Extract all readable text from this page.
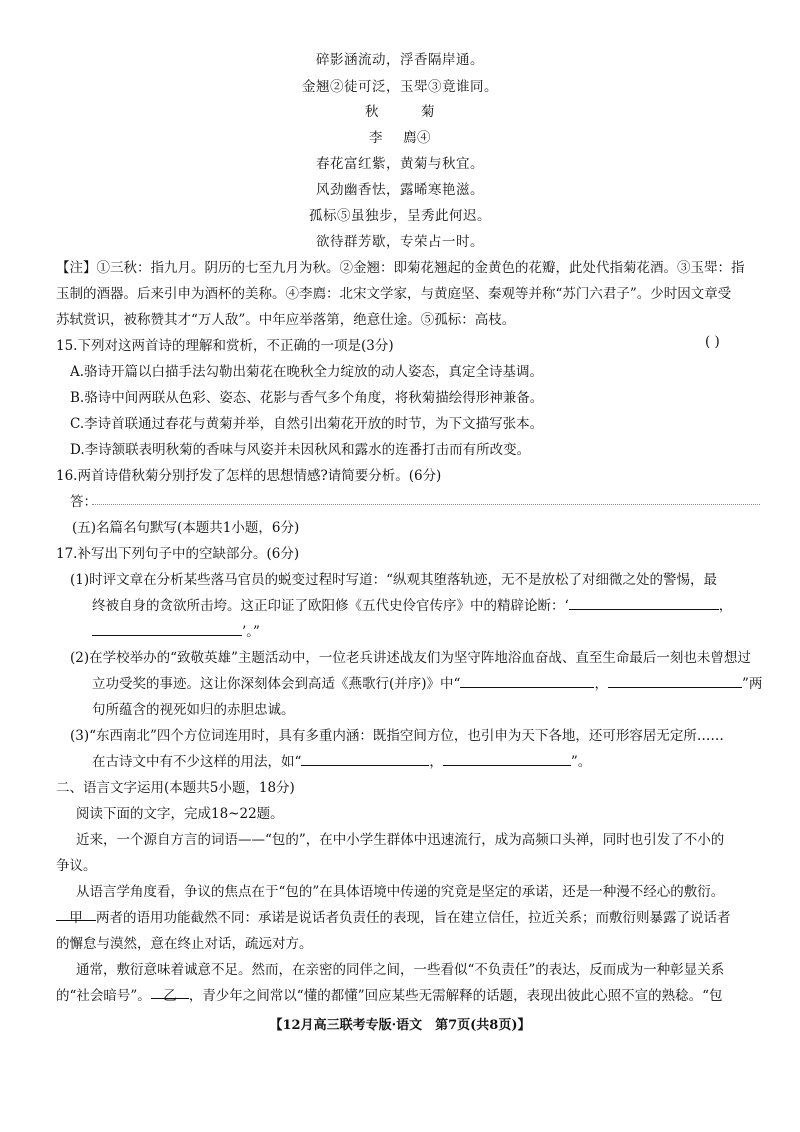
碎影涵流动，浮香隔岸通。
金翘②徒可泛，玉斝③竟谁同。
秋	菊
李 廌④
春花富红紫，黄菊与秋宜。
风劲幽香怯，露晞寒艳滋。
孤标⑤虽独步，呈秀此何迟。
欲待群芳歇，专荣占一时。
【注】①三秋：指九月。阴历的七至九月为秋。②金翘：即菊花翘起的金黄色的花瓣，此处代指菊花酒。③玉斝：指
玉制的酒器。后来引申为酒杯的美称。④李廌：北宋文学家，与黄庭坚、秦观等并称“苏门六君子”。少时因文章受
苏轼赏识，被称赞其才“万人敌”。中年应举落第，绝意仕途。⑤孤标：高枝。
15.下列对这两首诗的理解和赏析，不正确的一项是(3分)	( )
A.骆诗开篇以白描手法勾勒出菊花在晚秋全力绽放的动人姿态，真定全诗基调。
B.骆诗中间两联从色彩、姿态、花影与香气多个角度，将秋菊描绘得形神兼备。
C.李诗首联通过春花与黄菊并举，自然引出菊花开放的时节，为下文描写张本。
D.李诗颔联表明秋菊的香味与风姿并未因秋风和露水的连番打击而有所改变。
16.两首诗借秋菊分别抒发了怎样的思想情感?请简要分析。(6分)
答：
(五)名篇名句默写(本题共1小题，6分)
17.补写出下列句子中的空缺部分。(6分)
(1)时评文章在分析某些落马官员的蜕变过程时写道：“纵观其堕落轨迹，无不是放松了对细微之处的警惕，最
终被自身的贪欲所击垮。这正印证了欧阳修《五代史伶官传序》中的精辟论断：‘	，
’。”
(2)在学校举办的“致敬英雄”主题活动中，一位老兵讲述战友们为坚守阵地浴血奋战、直至生命最后一刻也未曾想过
立功受奖的事迹。这让你深刻体会到高适《燕歌行(并序)》中“	，	”两
句所蕴含的视死如归的赤胆忠诚。
(3)“东西南北”四个方位词连用时，具有多重内涵：既指空间方位，也引申为天下各地，还可形容居无定所……
在古诗文中有不少这样的用法，如“	，	”。
二、语言文字运用(本题共5小题，18分)
阅读下面的文字，完成18~22题。
近来，一个源自方言的词语——“包的”，在中小学生群体中迅速流行，成为高频口头禅，同时也引发了不小的
争议。
从语言学角度看，争议的焦点在于“包的”在具体语境中传递的究竟是坚定的承诺，还是一种漫不经心的敷衍。
甲 两者的语用功能截然不同：承诺是说话者负责任的表现，旨在建立信任，拉近关系；而敷衍则暴露了说话者
的懈怠与漠然，意在终止对话，疏远对方。
通常，敷衍意味着诚意不足。然而，在亲密的同伴之间，一些看似“不负责任”的表达，反而成为一种彰显关系
的“社会暗号”。 乙 ，青少年之间常以“懂的都懂”回应某些无需解释的话题，表现出彼此心照不宣的熟稔。“包
【12月高三联考专版·语文　第7页(共8页)】
